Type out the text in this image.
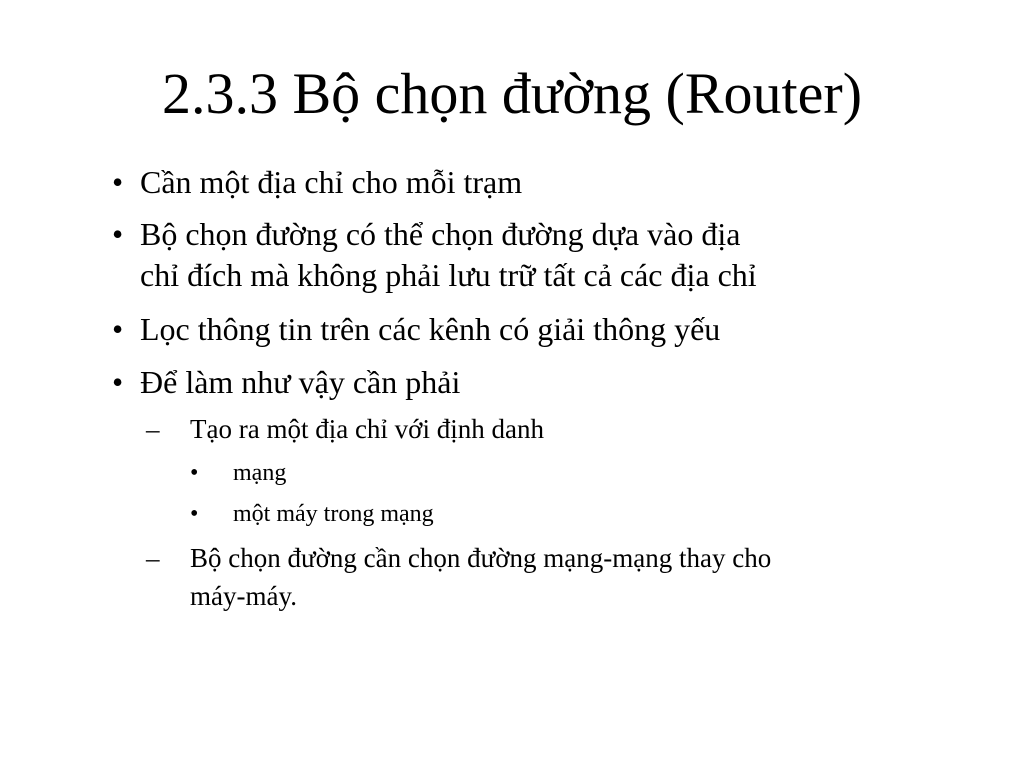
2.3.3 Bộ chọn đường (Router)
• Cần một địa chỉ cho mỗi trạm
• Bộ chọn đường có thể chọn đường dựa vào địa
chỉ đích mà không phải lưu trữ tất cả các địa chỉ
• Lọc thông tin trên các kênh có giải thông yếu
• Để làm như vậy cần phải
– Tạo ra một địa chỉ với định danh
• mạng
• một máy trong mạng
– Bộ chọn đường cần chọn đường mạng-mạng thay cho
máy-máy.
